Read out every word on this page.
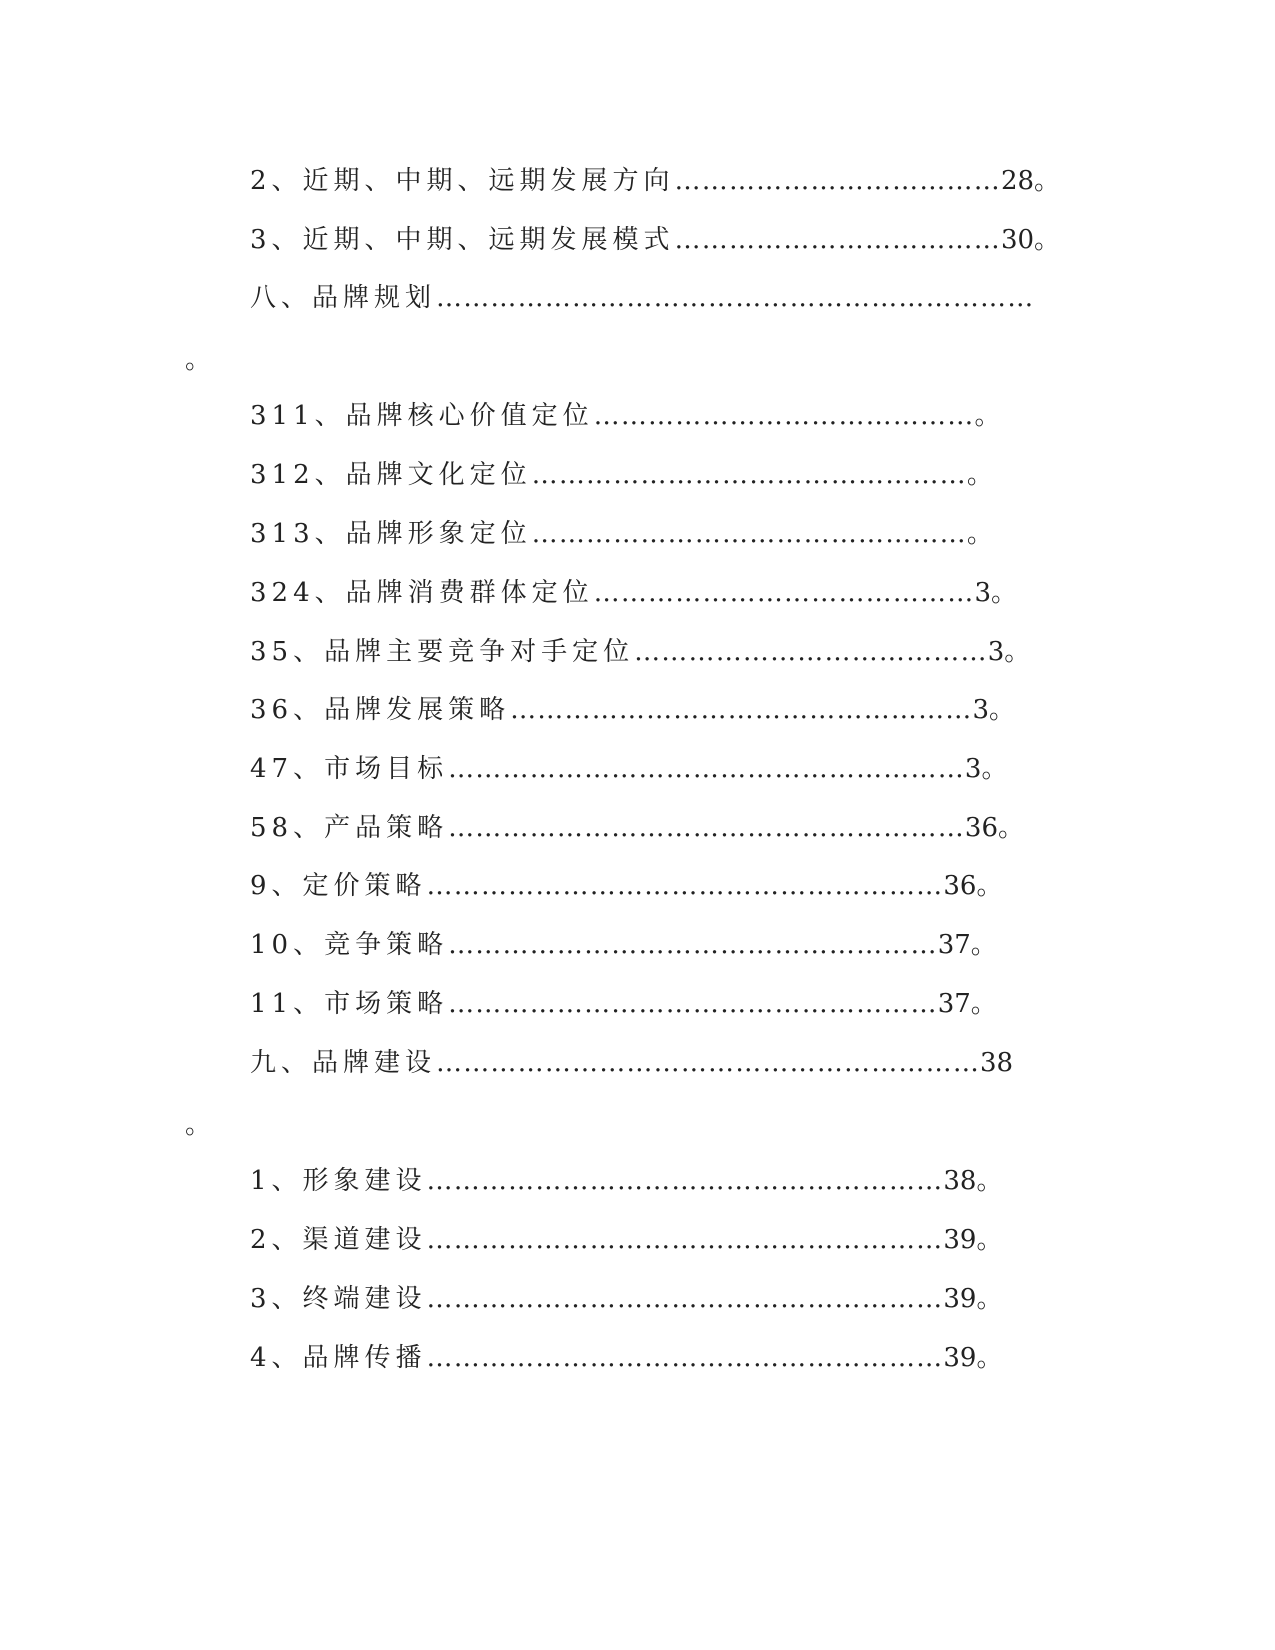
2、近期、中期、远期发展方向………………………………28。
3、近期、中期、远期发展模式………………………………30。
八、品牌规划…………………………………………………………
。
311、品牌核心价值定位……………………………………。
312、品牌文化定位…………………………………………。
313、品牌形象定位…………………………………………。
324、品牌消费群体定位……………………………………3。
35、品牌主要竞争对手定位…………………………………3。
36、品牌发展策略……………………………………………3。
47、市场目标…………………………………………………3。
58、产品策略…………………………………………………36。
9、定价策略…………………………………………………36。
10、竞争策略………………………………………………37。
11、市场策略………………………………………………37。
九、品牌建设……………………………………………………38
。
1、形象建设…………………………………………………38。
2、渠道建设…………………………………………………39。
3、终端建设…………………………………………………39。
4、品牌传播…………………………………………………39。
